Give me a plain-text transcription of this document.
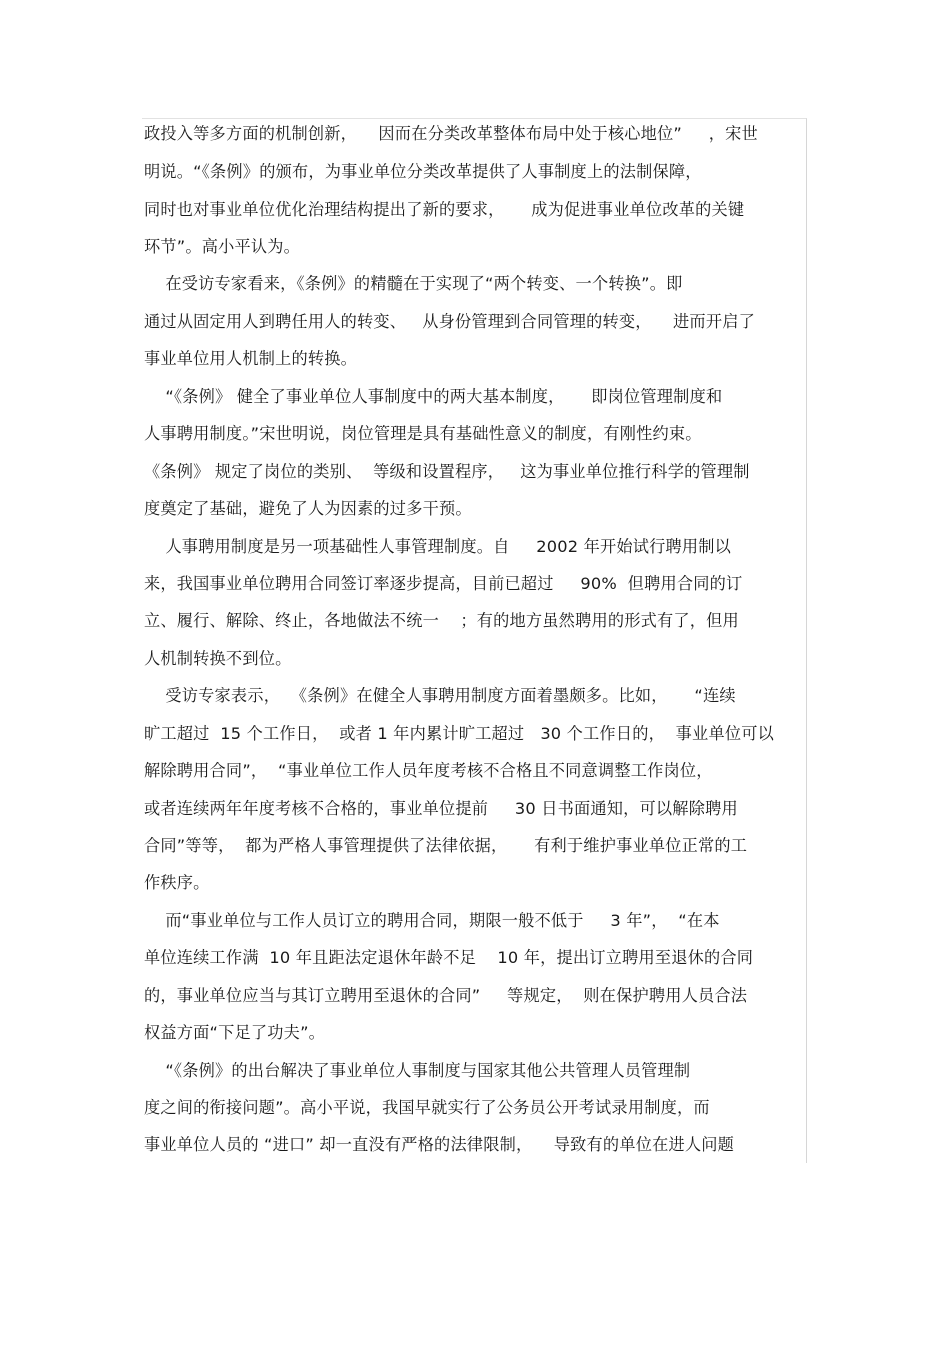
政投入等多方面的机制创新，    因而在分类改革整体布局中处于核心地位”     ，宋世
明说。“《条例》的颁布，为事业单位分类改革提供了人事制度上的法制保障，
同时也对事业单位优化治理结构提出了新的要求，     成为促进事业单位改革的关键
环节”。高小平认为。
在受访专家看来，《条例》的精髓在于实现了“两个转变、一个转换”。即
通过从固定用人到聘任用人的转变、   从身份管理到合同管理的转变，    进而开启了
事业单位用人机制上的转换。
“《条例》 健全了事业单位人事制度中的两大基本制度，     即岗位管理制度和
人事聘用制度。”宋世明说，岗位管理是具有基础性意义的制度，有刚性约束。
《条例》 规定了岗位的类别、  等级和设置程序，   这为事业单位推行科学的管理制
度奠定了基础，避免了人为因素的过多干预。
人事聘用制度是另一项基础性人事管理制度。自     2002 年开始试行聘用制以
来，我国事业单位聘用合同签订率逐步提高，目前已超过     90%  但聘用合同的订
立、履行、解除、终止，各地做法不统一    ；有的地方虽然聘用的形式有了，但用
人机制转换不到位。
受访专家表示，  《条例》在健全人事聘用制度方面着墨颇多。比如，     “连续
旷工超过  15 个工作日，  或者 1 年内累计旷工超过   30 个工作日的，  事业单位可以
解除聘用合同”，  “事业单位工作人员年度考核不合格且不同意调整工作岗位，
或者连续两年年度考核不合格的，事业单位提前     30 日书面通知，可以解除聘用
合同”等等，  都为严格人事管理提供了法律依据，     有利于维护事业单位正常的工
作秩序。
而“事业单位与工作人员订立的聘用合同，期限一般不低于     3 年”，  “在本
单位连续工作满  10 年且距法定退休年龄不足    10 年，提出订立聘用至退休的合同
的，事业单位应当与其订立聘用至退休的合同”     等规定，  则在保护聘用人员合法
权益方面“下足了功夫”。
“《条例》的出台解决了事业单位人事制度与国家其他公共管理人员管理制
度之间的衔接问题”。高小平说，我国早就实行了公务员公开考试录用制度，而
事业单位人员的 “进口” 却一直没有严格的法律限制，    导致有的单位在进人问题
